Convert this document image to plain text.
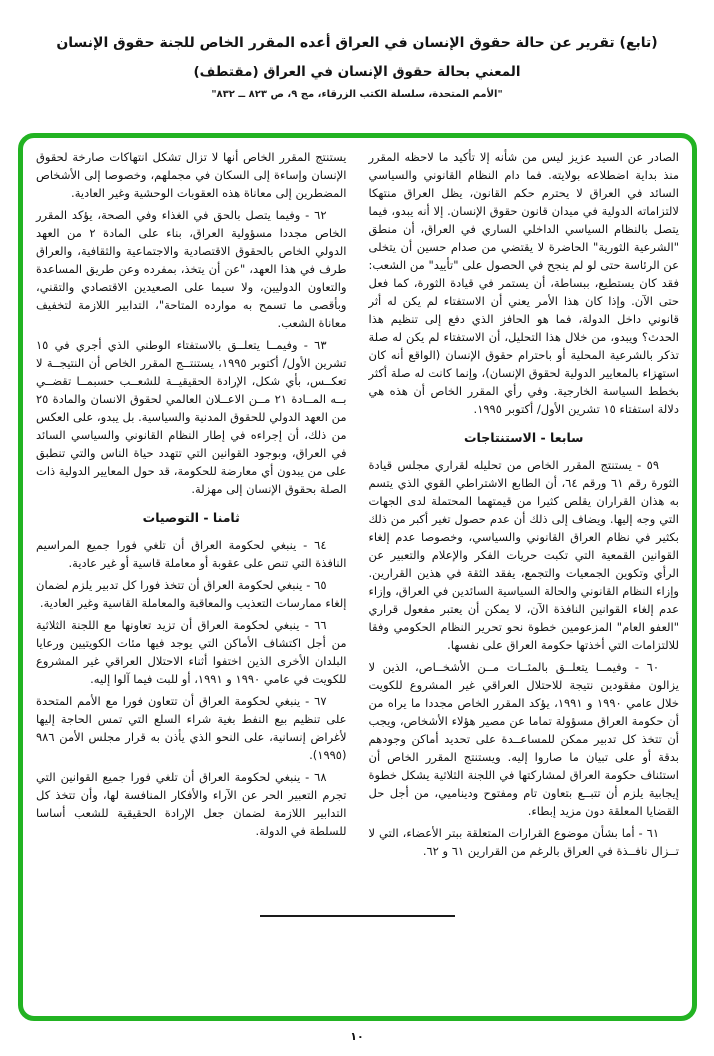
(تابع) تقرير عن حالة حقوق الإنسان في العراق أعده المقرر الخاص للجنة حقوق الإنسان
المعني بحالة حقوق الإنسان في العراق (مقتطف)
"الأمم المتحدة، سلسلة الكتب الزرقاء، مج ٩، ص ٨٢٣ ــ ٨٣٢"

الصادر عن السيد عزيز ليس من شأنه إلا تأكيد ما لاحظه المقرر منذ بداية اضطلاعه بولايته. فما دام النظام القانوني والسياسي السائد في العراق لا يحترم حكم القانون، يظل العراق منتهكا لالتزاماته الدولية في ميدان قانون حقوق الإنسان. إلا أنه يبدو، فيما يتصل بالنظام السياسي الداخلي الساري في العراق، أن منطق "الشرعية الثورية" الحاضرة لا يقتضي من صدام حسين أن يتخلى عن الرئاسة حتى لو لم ينجح في الحصول على "تأييد" من الشعب: فقد كان يستطيع، ببساطة، أن يستمر في قيادة الثورة، كما فعل حتى الآن. وإذا كان هذا الأمر يعني أن الاستفتاء لم يكن له أثر قانوني داخل الدولة، فما هو الحافز الذي دفع إلى تنظيم هذا الحدث؟ ويبدو، من خلال هذا التحليل، أن الاستفتاء لم يكن له صلة تذكر بالشرعية المحلية أو باحترام حقوق الإنسان (الواقع أنه كان استهزاء بالمعايير الدولية لحقوق الإنسان)، وإنما كانت له صلة أكثر بخطط السياسة الخارجية. وفي رأي المقرر الخاص أن هذه هي دلالة استفتاء ١٥ تشرين الأول/ أكتوبر ١٩٩٥.

سابعا - الاستنتاجات

٥٩ - يستنتج المقرر الخاص من تحليله لقراري مجلس قيادة الثورة رقم ٦١ ورقم ٦٤، أن الطابع الاشتراطي القوي الذي يتسم به هذان القراران يقلص كثيرا من قيمتهما المحتملة لدى الجهات التي وجه إليها. ويضاف إلى ذلك أن عدم حصول تغير أكبر من ذلك بكثير في نظام العراق القانوني والسياسي، وخصوصا عدم إلغاء القوانين القمعية التي تكبت حريات الفكر والإعلام والتعبير عن الرأي وتكوين الجمعيات والتجمع، يفقد الثقة في هذين القرارين. وإزاء النظام القانوني والحالة السياسية السائدين في العراق، وإزاء عدم إلغاء القوانين النافذة الآن، لا يمكن أن يعتبر مفعول قراري "العفو العام" المزعومين خطوة نحو تحرير النظام الحكومي وفقا للالتزامات التي أخذتها حكومة العراق على نفسها.

٦٠ - وفيمــا يتعلــق بالمئــات مــن الأشخــاص، الذين لا يزالون مفقودين نتيجة للاحتلال العراقي غير المشروع للكويت خلال عامي ١٩٩٠ و ١٩٩١، يؤكد المقرر الخاص مجددا ما يراه من أن حكومة العراق مسؤولة تماما عن مصير هؤلاء الأشخاص، ويجب أن تتخذ كل تدبير ممكن للمساعــدة على تحديد أماكن وجودهم بدقة أو على تبيان ما صاروا إليه. ويستنتج المقرر الخاص أن استئناف حكومة العراق لمشاركتها في اللجنة الثلاثية يشكل خطوة إيجابية يلزم أن تتبــع بتعاون تام ومفتوح وديناميي، من أجل حل القضايا المعلقة دون مزيد إبطاء.

٦١ - أما بشأن موضوع القرارات المتعلقة ببتر الأعضاء، التي لا تــزال نافــذة في العراق بالرغم من القرارين ٦١ و ٦٢.

يستنتج المقرر الخاص أنها لا تزال تشكل انتهاكات صارخة لحقوق الإنسان وإساءة إلى السكان في مجملهم، وخصوصا إلى الأشخاص المضطرين إلى معاناة هذه العقوبات الوحشية وغير العادية.

٦٢ - وفيما يتصل بالحق في الغذاء وفي الصحة، يؤكد المقرر الخاص مجددا مسؤولية العراق، بناء على المادة ٢ من العهد الدولي الخاص بالحقوق الاقتصادية والاجتماعية والثقافية، والعراق طرف في هذا العهد، "عن أن يتخذ، بمفرده وعن طريق المساعدة والتعاون الدوليين، ولا سيما على الصعيدين الاقتصادي والتقني، وبأقصى ما تسمح به موارده المتاحة"، التدابير اللازمة لتخفيف معاناة الشعب.

٦٣ - وفيمــا يتعلــق بالاستفتاء الوطني الذي أجري في ١٥ تشرين الأول/ أكتوبر ١٩٩٥، يستنتــج المقرر الخاص أن النتيجــة لا تعكــس، بأي شكل، الإرادة الحقيقيــة للشعــب حسبمــا تقضــي بــه المــادة ٢١ مــن الاعــلان العالمي لحقوق الانسان والمادة ٢٥ من العهد الدولي للحقوق المدنية والسياسية. بل يبدو، على العكس من ذلك، أن إجراءه في إطار النظام القانوني والسياسي السائد في العراق، وبوجود القوانين التي تتهدد حياة الناس والتي تنطبق على من يبدون أي معارضة للحكومة، قد حول المعايير الدولية ذات الصلة بحقوق الإنسان إلى مهزلة.

ثامنا - التوصيات

٦٤ - ينبغي لحكومة العراق أن تلغي فورا جميع المراسيم النافذة التي تنص على عقوبة أو معاملة قاسية أو غير عادية.

٦٥ - ينبغي لحكومة العراق أن تتخذ فورا كل تدبير يلزم لضمان إلغاء ممارسات التعذيب والمعاقبة والمعاملة القاسية وغير العادية.

٦٦ - ينبغي لحكومة العراق أن تزيد تعاونها مع اللجنة الثلاثية من أجل اكتشاف الأماكن التي يوجد فيها مئات الكويتيين ورعايا البلدان الأخرى الذين اختفوا أثناء الاحتلال العراقي غير المشروع للكويت في عامي ١٩٩٠ و ١٩٩١، أو للبت فيما آلوا إليه.

٦٧ - ينبغي لحكومة العراق أن تتعاون فورا مع الأمم المتحدة على تنظيم بيع النفط بغية شراء السلع التي تمس الحاجة إليها لأغراض إنسانية، على النحو الذي يأذن به قرار مجلس الأمن ٩٨٦ (١٩٩٥).

٦٨ - ينبغي لحكومة العراق أن تلغي فورا جميع القوانين التي تجرم التعبير الحر عن الآراء والأفكار المنافسة لها، وأن تتخذ كل التدابير اللازمة لضمان جعل الإرادة الحقيقية للشعب أساسا للسلطة في الدولة.

١٠
